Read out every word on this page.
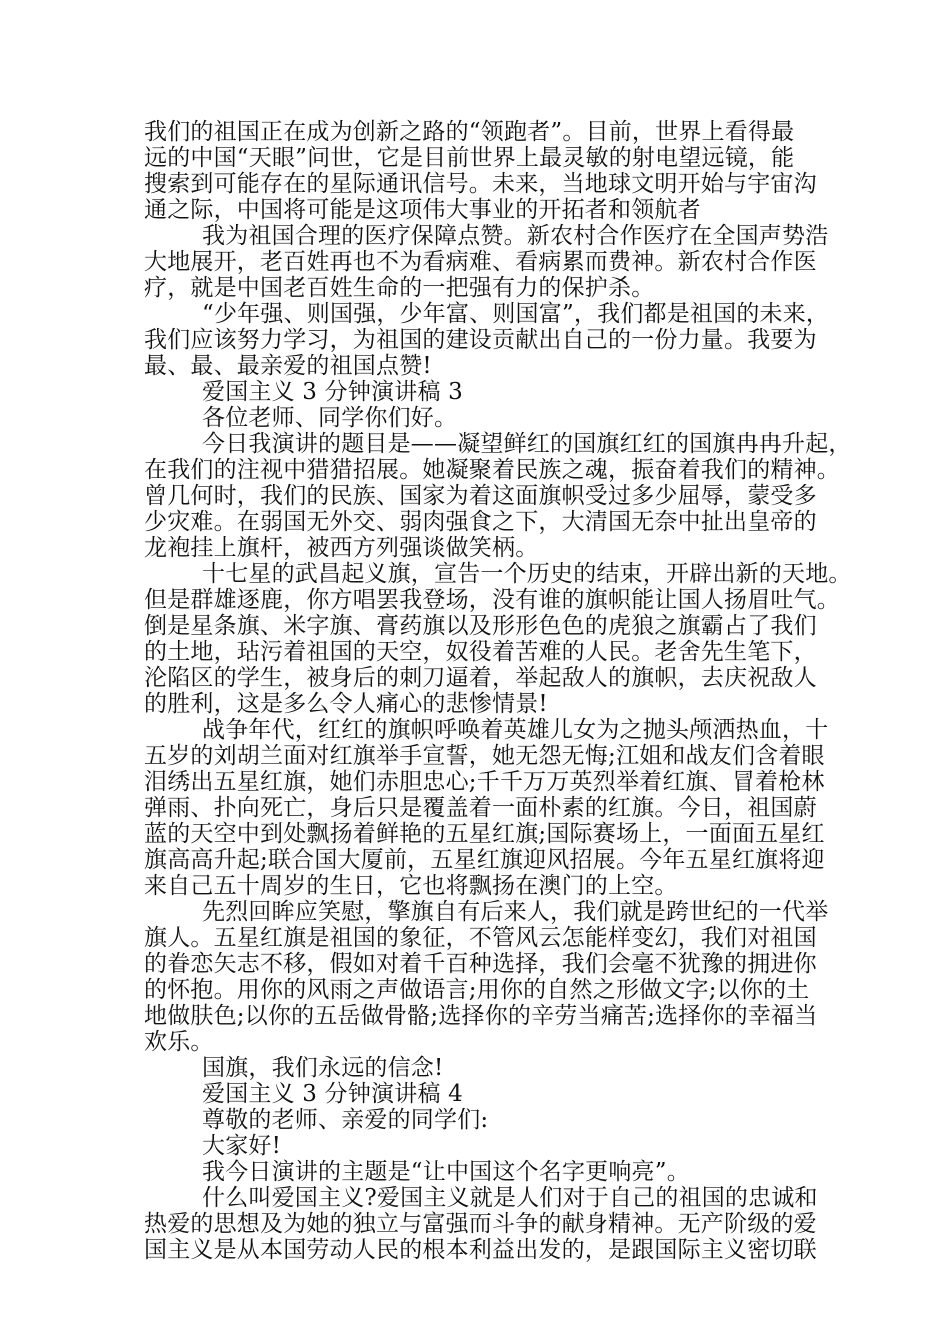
我们的祖国正在成为创新之路的“领跑者”。目前，世界上看得最
远的中国“天眼”问世，它是目前世界上最灵敏的射电望远镜，能
搜索到可能存在的星际通讯信号。未来，当地球文明开始与宇宙沟
通之际，中国将可能是这项伟大事业的开拓者和领航者
我为祖国合理的医疗保障点赞。新农村合作医疗在全国声势浩
大地展开，老百姓再也不为看病难、看病累而费神。新农村合作医
疗，就是中国老百姓生命的一把强有力的保护杀。
“少年强、则国强，少年富、则国富”，我们都是祖国的未来，
我们应该努力学习，为祖国的建设贡献出自己的一份力量。我要为
最、最、最亲爱的祖国点赞!
爱国主义 3 分钟演讲稿 3
各位老师、同学你们好。
今日我演讲的题目是——凝望鲜红的国旗红红的国旗冉冉升起，
在我们的注视中猎猎招展。她凝聚着民族之魂，振奋着我们的精神。
曾几何时，我们的民族、国家为着这面旗帜受过多少屈辱，蒙受多
少灾难。在弱国无外交、弱肉强食之下，大清国无奈中扯出皇帝的
龙袍挂上旗杆，被西方列强谈做笑柄。
十七星的武昌起义旗，宣告一个历史的结束，开辟出新的天地。
但是群雄逐鹿，你方唱罢我登场，没有谁的旗帜能让国人扬眉吐气。
倒是星条旗、米字旗、膏药旗以及形形色色的虎狼之旗霸占了我们
的土地，玷污着祖国的天空，奴役着苦难的人民。老舍先生笔下，
沦陷区的学生，被身后的刺刀逼着，举起敌人的旗帜，去庆祝敌人
的胜利，这是多么令人痛心的悲惨情景!
战争年代，红红的旗帜呼唤着英雄儿女为之抛头颅洒热血，十
五岁的刘胡兰面对红旗举手宣誓，她无怨无悔;江姐和战友们含着眼
泪绣出五星红旗，她们赤胆忠心;千千万万英烈举着红旗、冒着枪林
弹雨、扑向死亡，身后只是覆盖着一面朴素的红旗。今日，祖国蔚
蓝的天空中到处飘扬着鲜艳的五星红旗;国际赛场上，一面面五星红
旗高高升起;联合国大厦前，五星红旗迎风招展。今年五星红旗将迎
来自己五十周岁的生日，它也将飘扬在澳门的上空。
先烈回眸应笑慰，擎旗自有后来人，我们就是跨世纪的一代举
旗人。五星红旗是祖国的象征，不管风云怎能样变幻，我们对祖国
的眷恋矢志不移，假如对着千百种选择，我们会毫不犹豫的拥进你
的怀抱。用你的风雨之声做语言;用你的自然之形做文字;以你的土
地做肤色;以你的五岳做骨骼;选择你的辛劳当痛苦;选择你的幸福当
欢乐。
国旗，我们永远的信念!
爱国主义 3 分钟演讲稿 4
尊敬的老师、亲爱的同学们:
大家好!
我今日演讲的主题是“让中国这个名字更响亮”。
什么叫爱国主义?爱国主义就是人们对于自己的祖国的忠诚和
热爱的思想及为她的独立与富强而斗争的献身精神。无产阶级的爱
国主义是从本国劳动人民的根本利益出发的，是跟国际主义密切联
